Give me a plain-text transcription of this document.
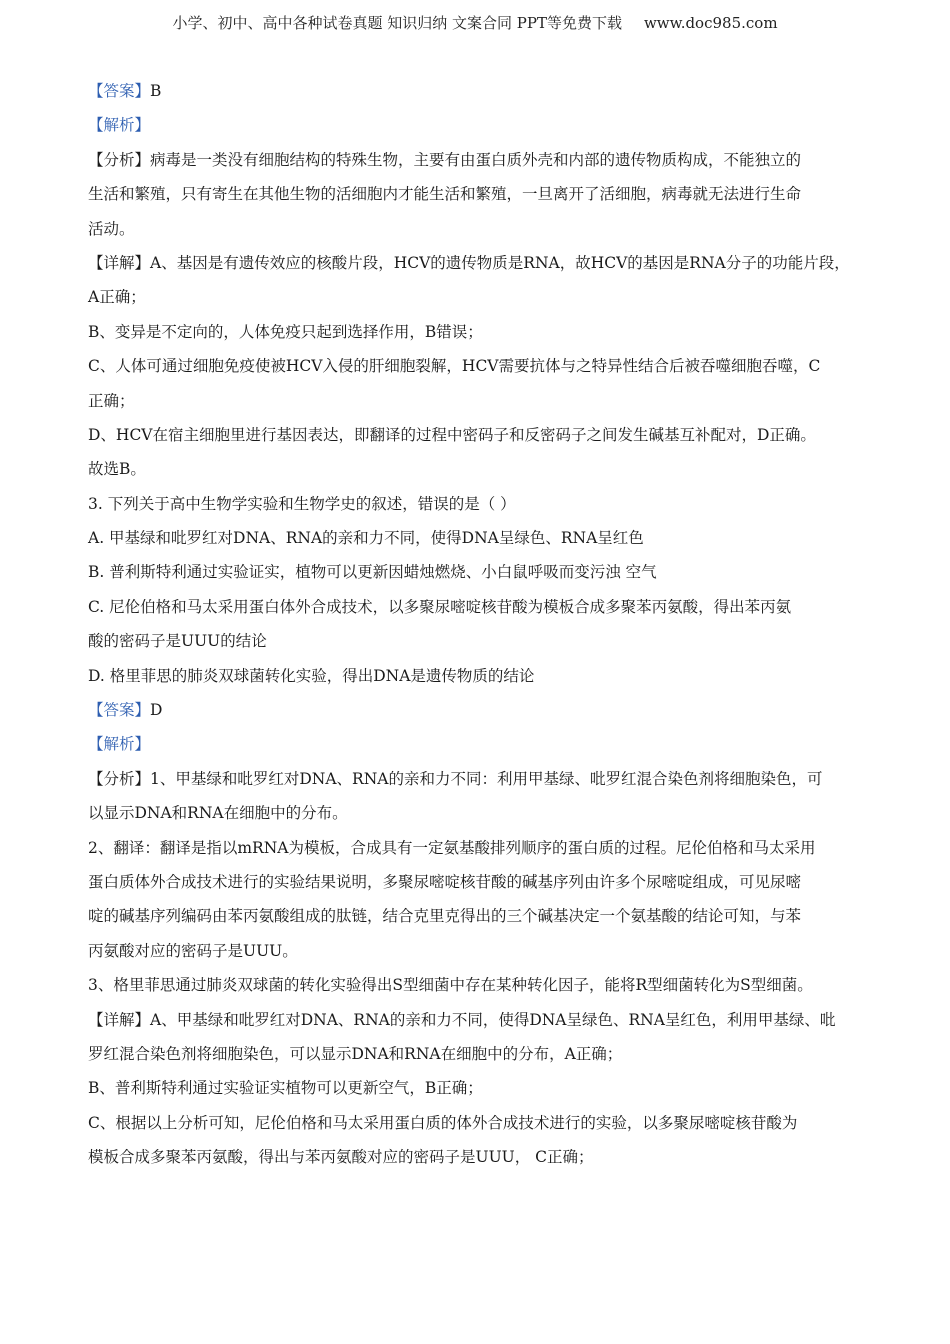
小学、初中、高中各种试卷真题 知识归纳 文案合同 PPT等免费下载 www.doc985.com
【答案】B
【解析】
【分析】病毒是一类没有细胞结构的特殊生物，主要有由蛋白质外壳和内部的遗传物质构成，不能独立的
生活和繁殖，只有寄生在其他生物的活细胞内才能生活和繁殖，一旦离开了活细胞，病毒就无法进行生命
活动。
【详解】A、基因是有遗传效应的核酸片段，HCV的遗传物质是RNA，故HCV的基因是RNA分子的功能片段，
A正确；
B、变异是不定向的，人体免疫只起到选择作用，B错误；
C、人体可通过细胞免疫使被HCV入侵的肝细胞裂解，HCV需要抗体与之特异性结合后被吞噬细胞吞噬，C
正确；
D、HCV在宿主细胞里进行基因表达，即翻译的过程中密码子和反密码子之间发生碱基互补配对，D正确。
故选B。
3. 下列关于高中生物学实验和生物学史的叙述，错误的是（ ）
A. 甲基绿和吡罗红对DNA、RNA的亲和力不同，使得DNA呈绿色、RNA呈红色
B. 普利斯特利通过实验证实，植物可以更新因蜡烛燃烧、小白鼠呼吸而变污浊 空气
C. 尼伦伯格和马太采用蛋白体外合成技术，以多聚尿嘧啶核苷酸为模板合成多聚苯丙氨酸，得出苯丙氨
酸的密码子是UUU的结论
D. 格里菲思的肺炎双球菌转化实验，得出DNA是遗传物质的结论
【答案】D
【解析】
【分析】1、甲基绿和吡罗红对DNA、RNA的亲和力不同：利用甲基绿、吡罗红混合染色剂将细胞染色，可
以显示DNA和RNA在细胞中的分布。
2、翻译：翻译是指以mRNA为模板，合成具有一定氨基酸排列顺序的蛋白质的过程。尼伦伯格和马太采用
蛋白质体外合成技术进行的实验结果说明，多聚尿嘧啶核苷酸的碱基序列由许多个尿嘧啶组成，可见尿嘧
啶的碱基序列编码由苯丙氨酸组成的肽链，结合克里克得出的三个碱基决定一个氨基酸的结论可知，与苯
丙氨酸对应的密码子是UUU。
3、格里菲思通过肺炎双球菌的转化实验得出S型细菌中存在某种转化因子，能将R型细菌转化为S型细菌。
【详解】A、甲基绿和吡罗红对DNA、RNA的亲和力不同，使得DNA呈绿色、RNA呈红色，利用甲基绿、吡
罗红混合染色剂将细胞染色，可以显示DNA和RNA在细胞中的分布，A正确；
B、普利斯特利通过实验证实植物可以更新空气，B正确；
C、根据以上分析可知，尼伦伯格和马太采用蛋白质的体外合成技术进行的实验，以多聚尿嘧啶核苷酸为
模板合成多聚苯丙氨酸，得出与苯丙氨酸对应的密码子是UUU， C正确；
